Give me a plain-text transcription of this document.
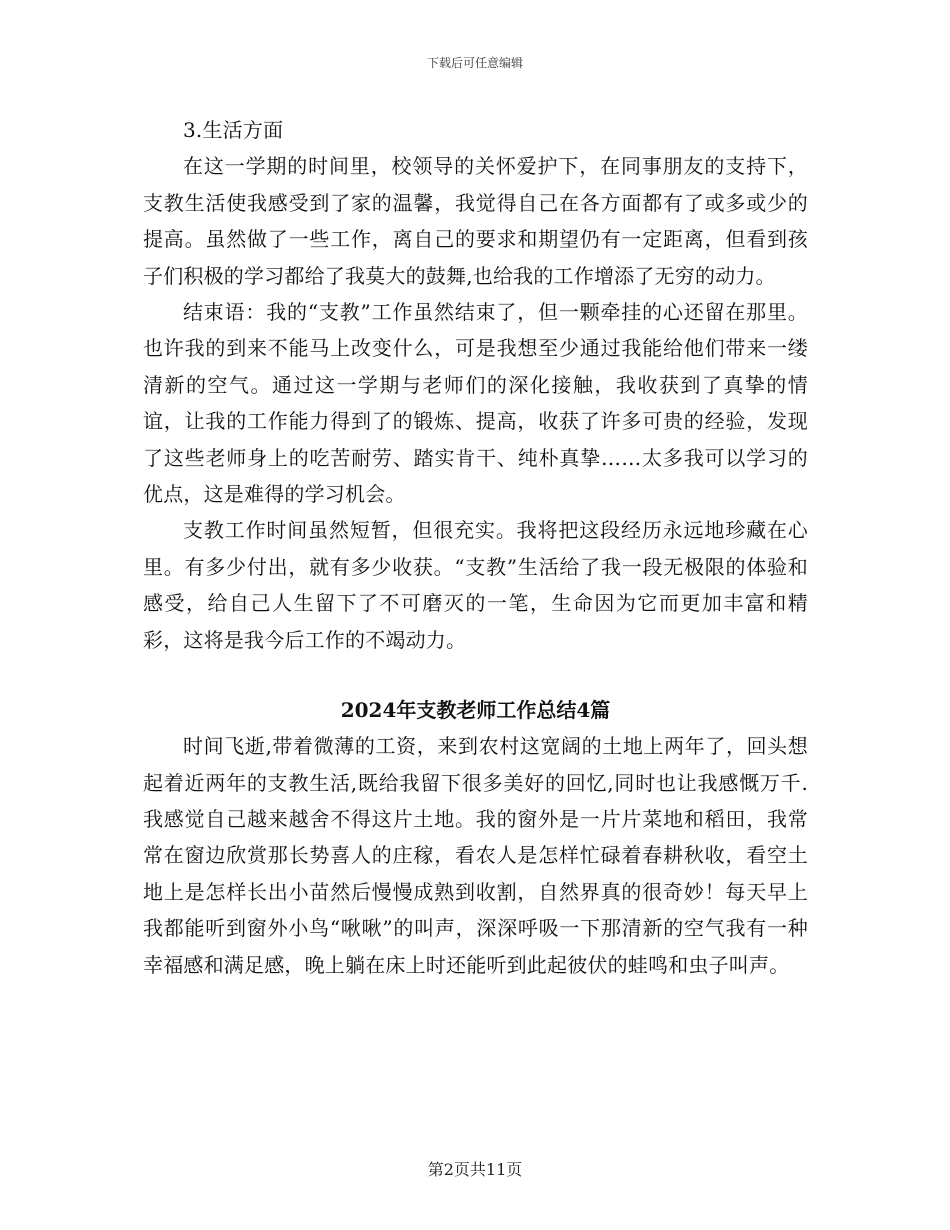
下载后可任意编辑

3.生活方面

在这一学期的时间里，校领导的关怀爱护下，在同事朋友的支持下，支教生活使我感受到了家的温馨，我觉得自己在各方面都有了或多或少的提高。虽然做了一些工作，离自己的要求和期望仍有一定距离，但看到孩子们积极的学习都给了我莫大的鼓舞,也给我的工作增添了无穷的动力。

结束语：我的“支教”工作虽然结束了，但一颗牵挂的心还留在那里。也许我的到来不能马上改变什么，可是我想至少通过我能给他们带来一缕清新的空气。通过这一学期与老师们的深化接触，我收获到了真挚的情谊，让我的工作能力得到了的锻炼、提高，收获了许多可贵的经验，发现了这些老师身上的吃苦耐劳、踏实肯干、纯朴真挚……太多我可以学习的优点，这是难得的学习机会。

支教工作时间虽然短暂，但很充实。我将把这段经历永远地珍藏在心里。有多少付出，就有多少收获。“支教”生活给了我一段无极限的体验和感受，给自己人生留下了不可磨灭的一笔，生命因为它而更加丰富和精彩，这将是我今后工作的不竭动力。

2024年支教老师工作总结4篇

时间飞逝,带着微薄的工资，来到农村这宽阔的土地上两年了，回头想起着近两年的支教生活,既给我留下很多美好的回忆,同时也让我感慨万千.我感觉自己越来越舍不得这片土地。我的窗外是一片片菜地和稻田，我常常在窗边欣赏那长势喜人的庄稼，看农人是怎样忙碌着春耕秋收，看空土地上是怎样长出小苗然后慢慢成熟到收割，自然界真的很奇妙！每天早上我都能听到窗外小鸟“啾啾”的叫声，深深呼吸一下那清新的空气我有一种幸福感和满足感，晚上躺在床上时还能听到此起彼伏的蛙鸣和虫子叫声。

第2页共11页
